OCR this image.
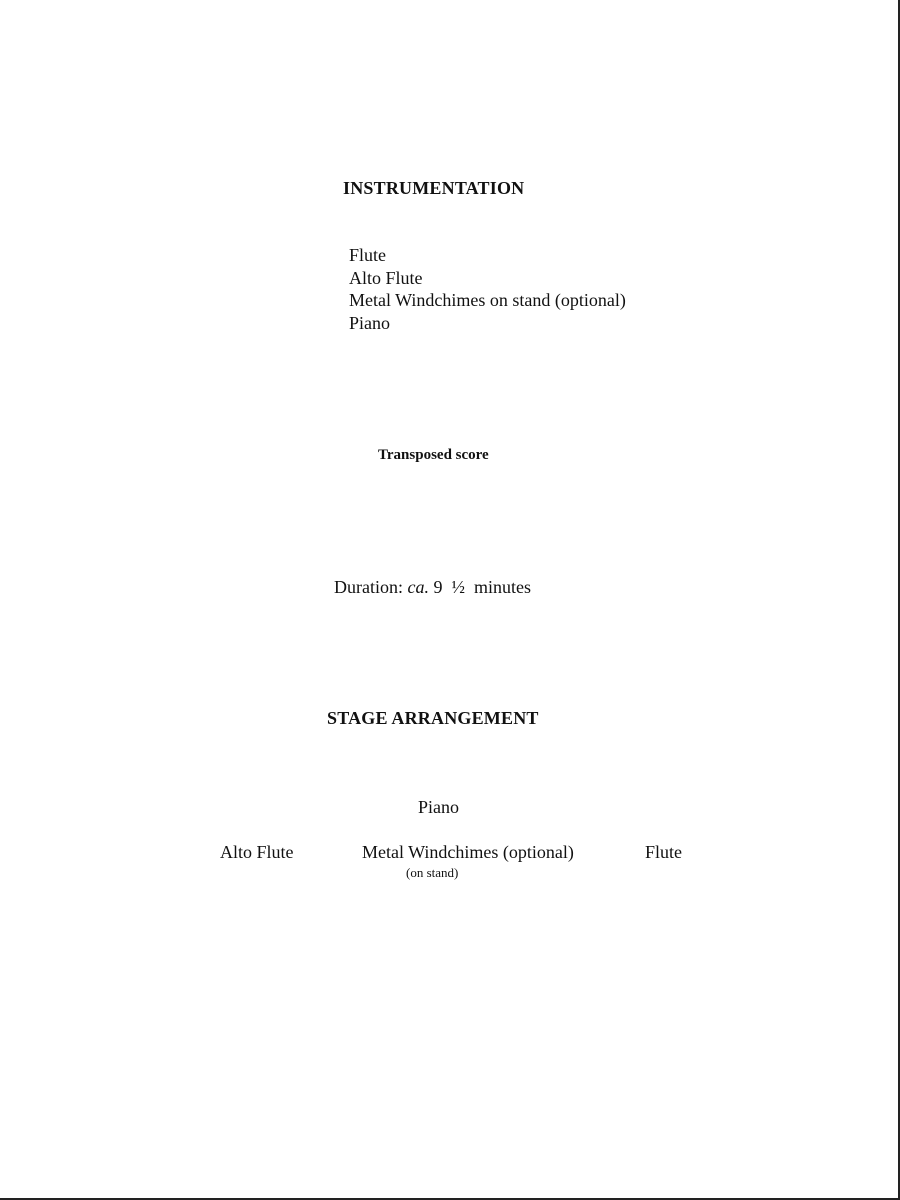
INSTRUMENTATION
Flute
Alto Flute
Metal Windchimes on stand (optional)
Piano
Transposed score
Duration: ca. 9  ½  minutes
STAGE ARRANGEMENT
Piano
Alto Flute	Metal Windchimes (optional)
(on stand)
Flute
